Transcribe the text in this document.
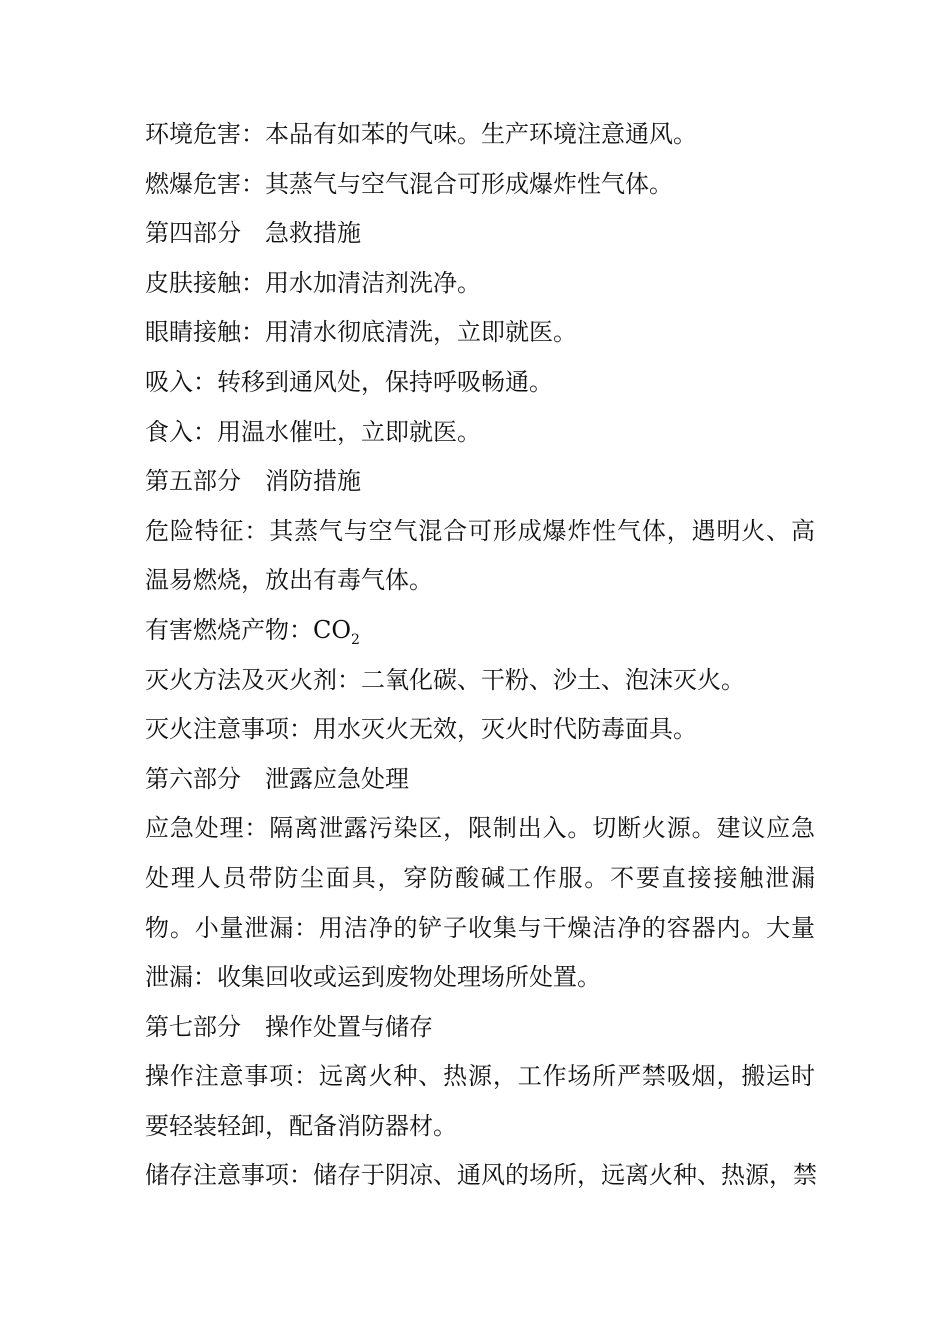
环境危害：本品有如苯的气味。生产环境注意通风。

燃爆危害：其蒸气与空气混合可形成爆炸性气体。

第四部分　急救措施

皮肤接触：用水加清洁剂洗净。

眼睛接触：用清水彻底清洗，立即就医。

吸入：转移到通风处，保持呼吸畅通。

食入：用温水催吐，立即就医。

第五部分　消防措施

危险特征：其蒸气与空气混合可形成爆炸性气体，遇明火、高温易燃烧，放出有毒气体。

有害燃烧产物：$CO_2$

灭火方法及灭火剂：二氧化碳、干粉、沙土、泡沫灭火。

灭火注意事项：用水灭火无效，灭火时代防毒面具。

第六部分　泄露应急处理

应急处理：隔离泄露污染区，限制出入。切断火源。建议应急处理人员带防尘面具，穿防酸碱工作服。不要直接接触泄漏物。小量泄漏：用洁净的铲子收集与干燥洁净的容器内。大量泄漏：收集回收或运到废物处理场所处置。

第七部分　操作处置与储存

操作注意事项：远离火种、热源，工作场所严禁吸烟，搬运时要轻装轻卸，配备消防器材。

储存注意事项：储存于阴凉、通风的场所，远离火种、热源，禁
